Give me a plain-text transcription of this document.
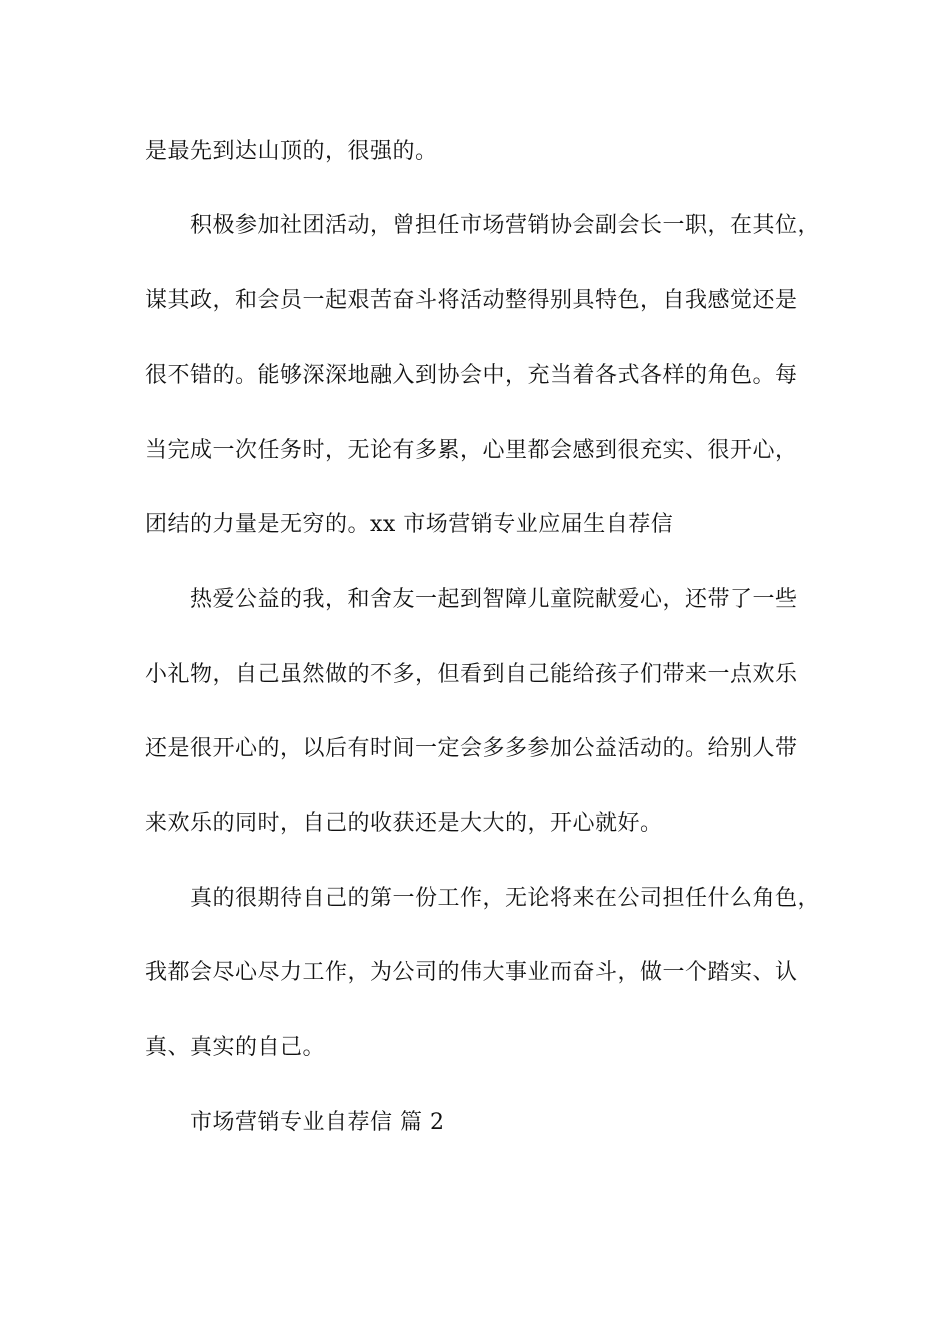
是最先到达山顶的，很强的。
积极参加社团活动，曾担任市场营销协会副会长一职，在其位，
谋其政，和会员一起艰苦奋斗将活动整得别具特色，自我感觉还是
很不错的。能够深深地融入到协会中，充当着各式各样的角色。每
当完成一次任务时，无论有多累，心里都会感到很充实、很开心，
团结的力量是无穷的。xx 市场营销专业应届生自荐信
热爱公益的我，和舍友一起到智障儿童院献爱心，还带了一些
小礼物，自己虽然做的不多，但看到自己能给孩子们带来一点欢乐
还是很开心的，以后有时间一定会多多参加公益活动的。给别人带
来欢乐的同时，自己的收获还是大大的，开心就好。
真的很期待自己的第一份工作，无论将来在公司担任什么角色，
我都会尽心尽力工作，为公司的伟大事业而奋斗，做一个踏实、认
真、真实的自己。
市场营销专业自荐信 篇 2
